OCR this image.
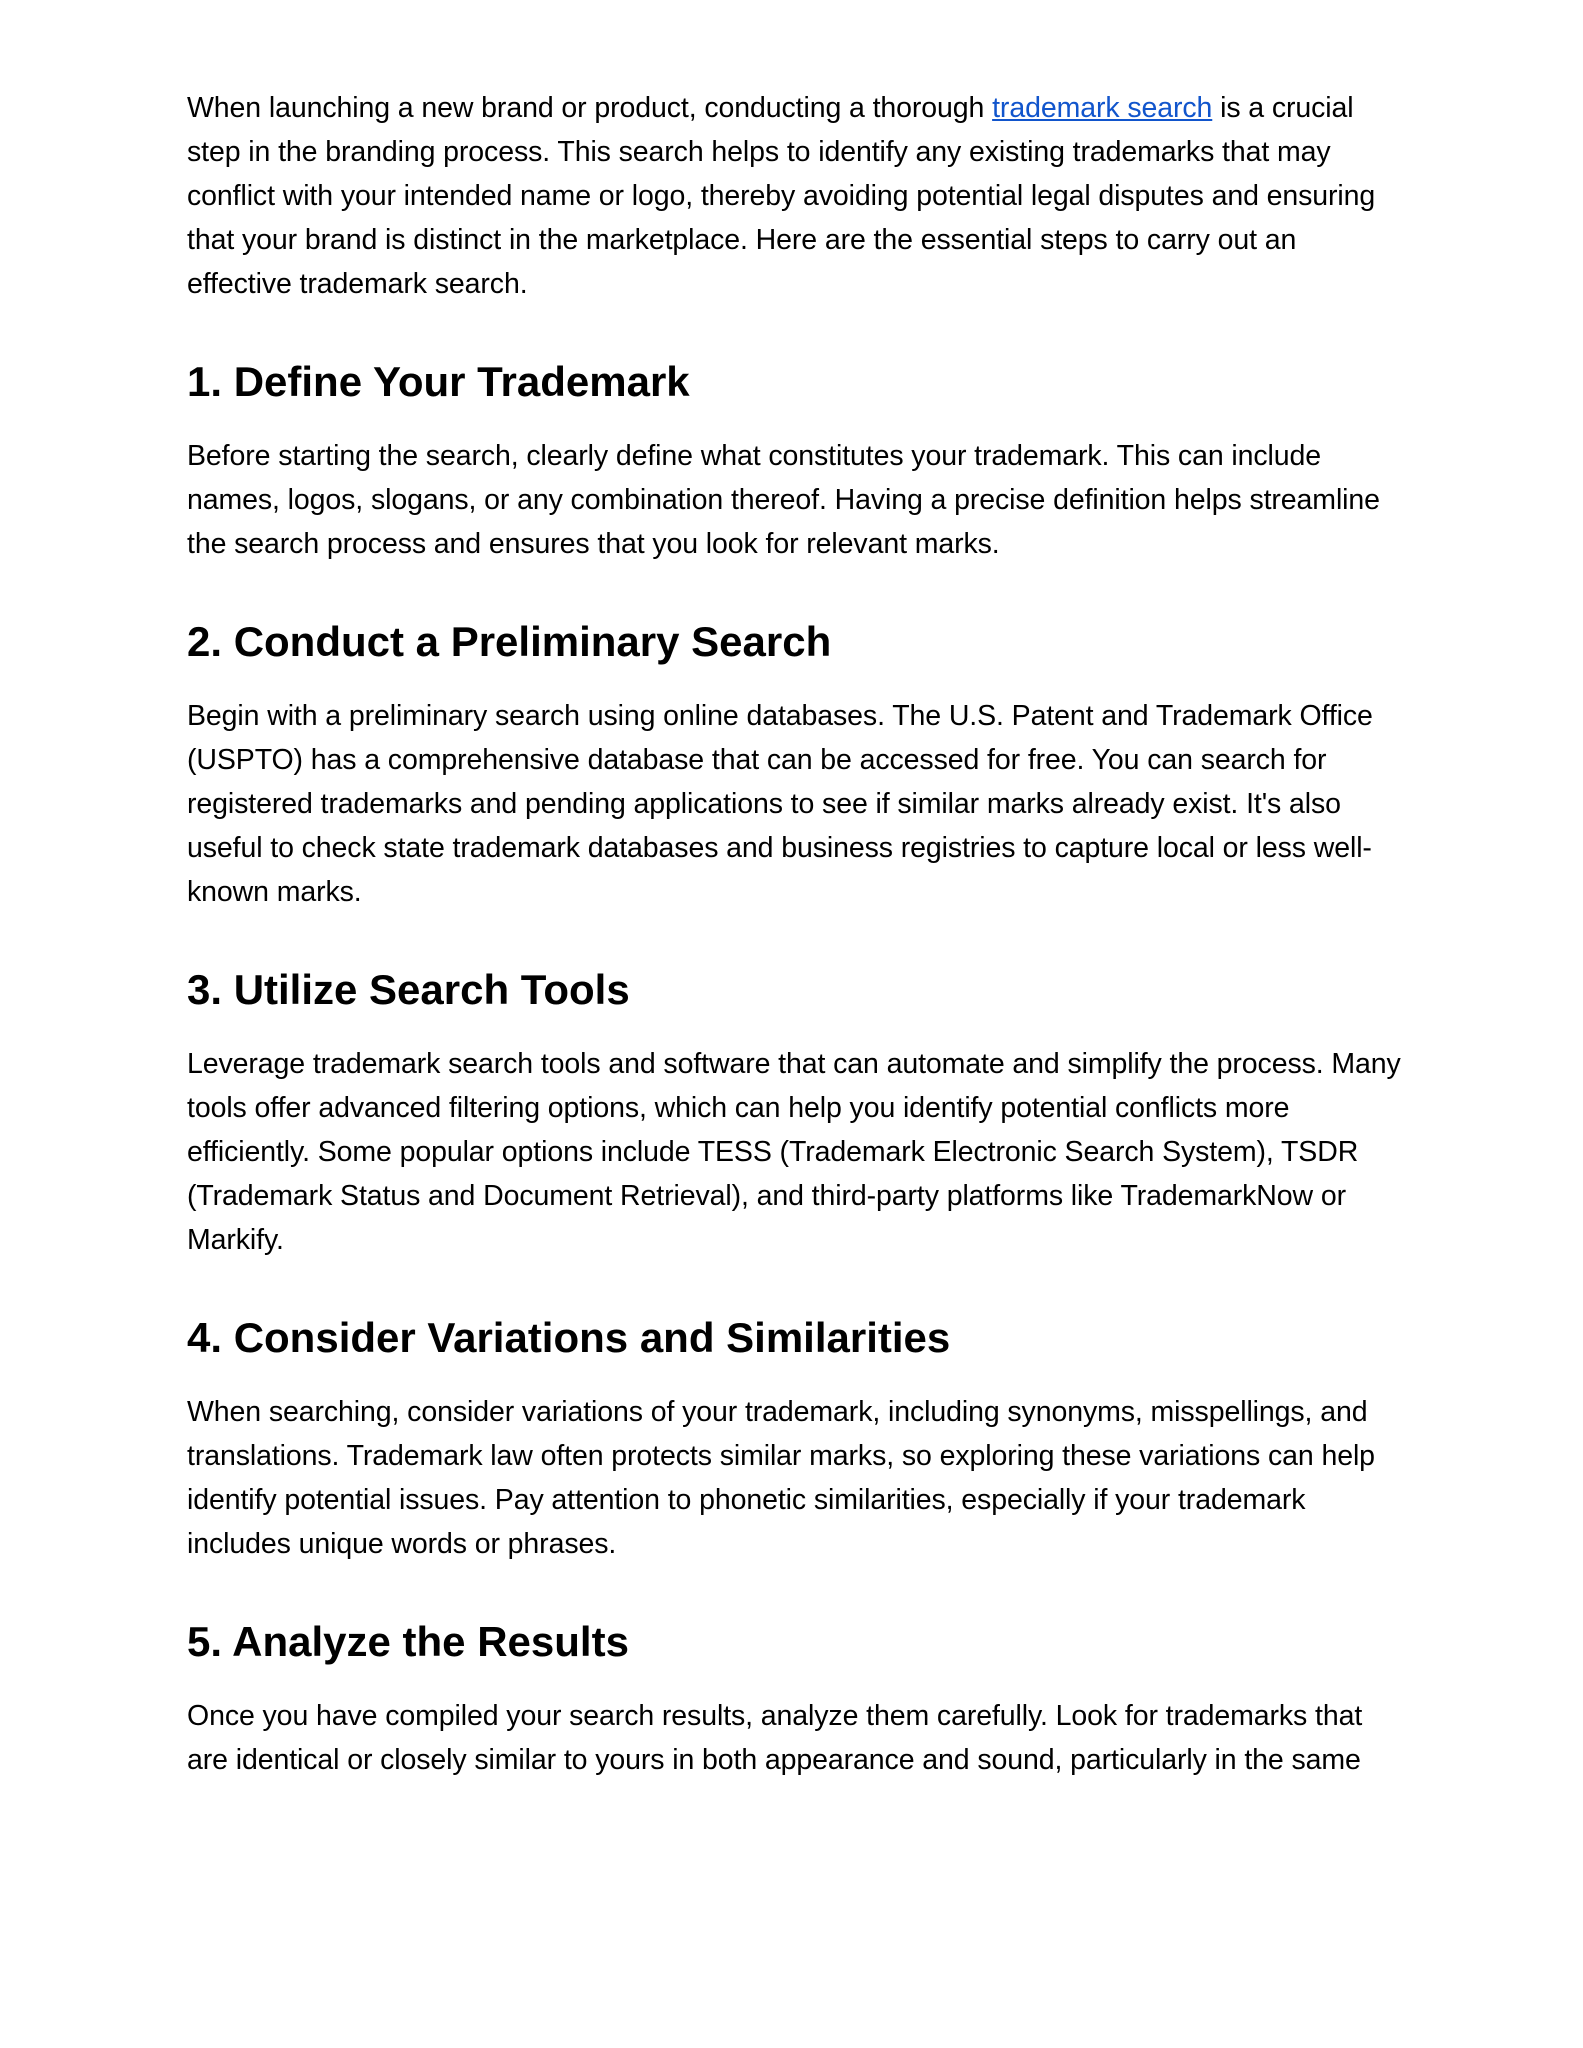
When launching a new brand or product, conducting a thorough trademark search is a crucial step in the branding process. This search helps to identify any existing trademarks that may conflict with your intended name or logo, thereby avoiding potential legal disputes and ensuring that your brand is distinct in the marketplace. Here are the essential steps to carry out an effective trademark search.

1. Define Your Trademark

Before starting the search, clearly define what constitutes your trademark. This can include names, logos, slogans, or any combination thereof. Having a precise definition helps streamline the search process and ensures that you look for relevant marks.

2. Conduct a Preliminary Search

Begin with a preliminary search using online databases. The U.S. Patent and Trademark Office (USPTO) has a comprehensive database that can be accessed for free. You can search for registered trademarks and pending applications to see if similar marks already exist. It's also useful to check state trademark databases and business registries to capture local or less well-known marks.

3. Utilize Search Tools

Leverage trademark search tools and software that can automate and simplify the process. Many tools offer advanced filtering options, which can help you identify potential conflicts more efficiently. Some popular options include TESS (Trademark Electronic Search System), TSDR (Trademark Status and Document Retrieval), and third-party platforms like TrademarkNow or Markify.

4. Consider Variations and Similarities

When searching, consider variations of your trademark, including synonyms, misspellings, and translations. Trademark law often protects similar marks, so exploring these variations can help identify potential issues. Pay attention to phonetic similarities, especially if your trademark includes unique words or phrases.

5. Analyze the Results

Once you have compiled your search results, analyze them carefully. Look for trademarks that are identical or closely similar to yours in both appearance and sound, particularly in the same
